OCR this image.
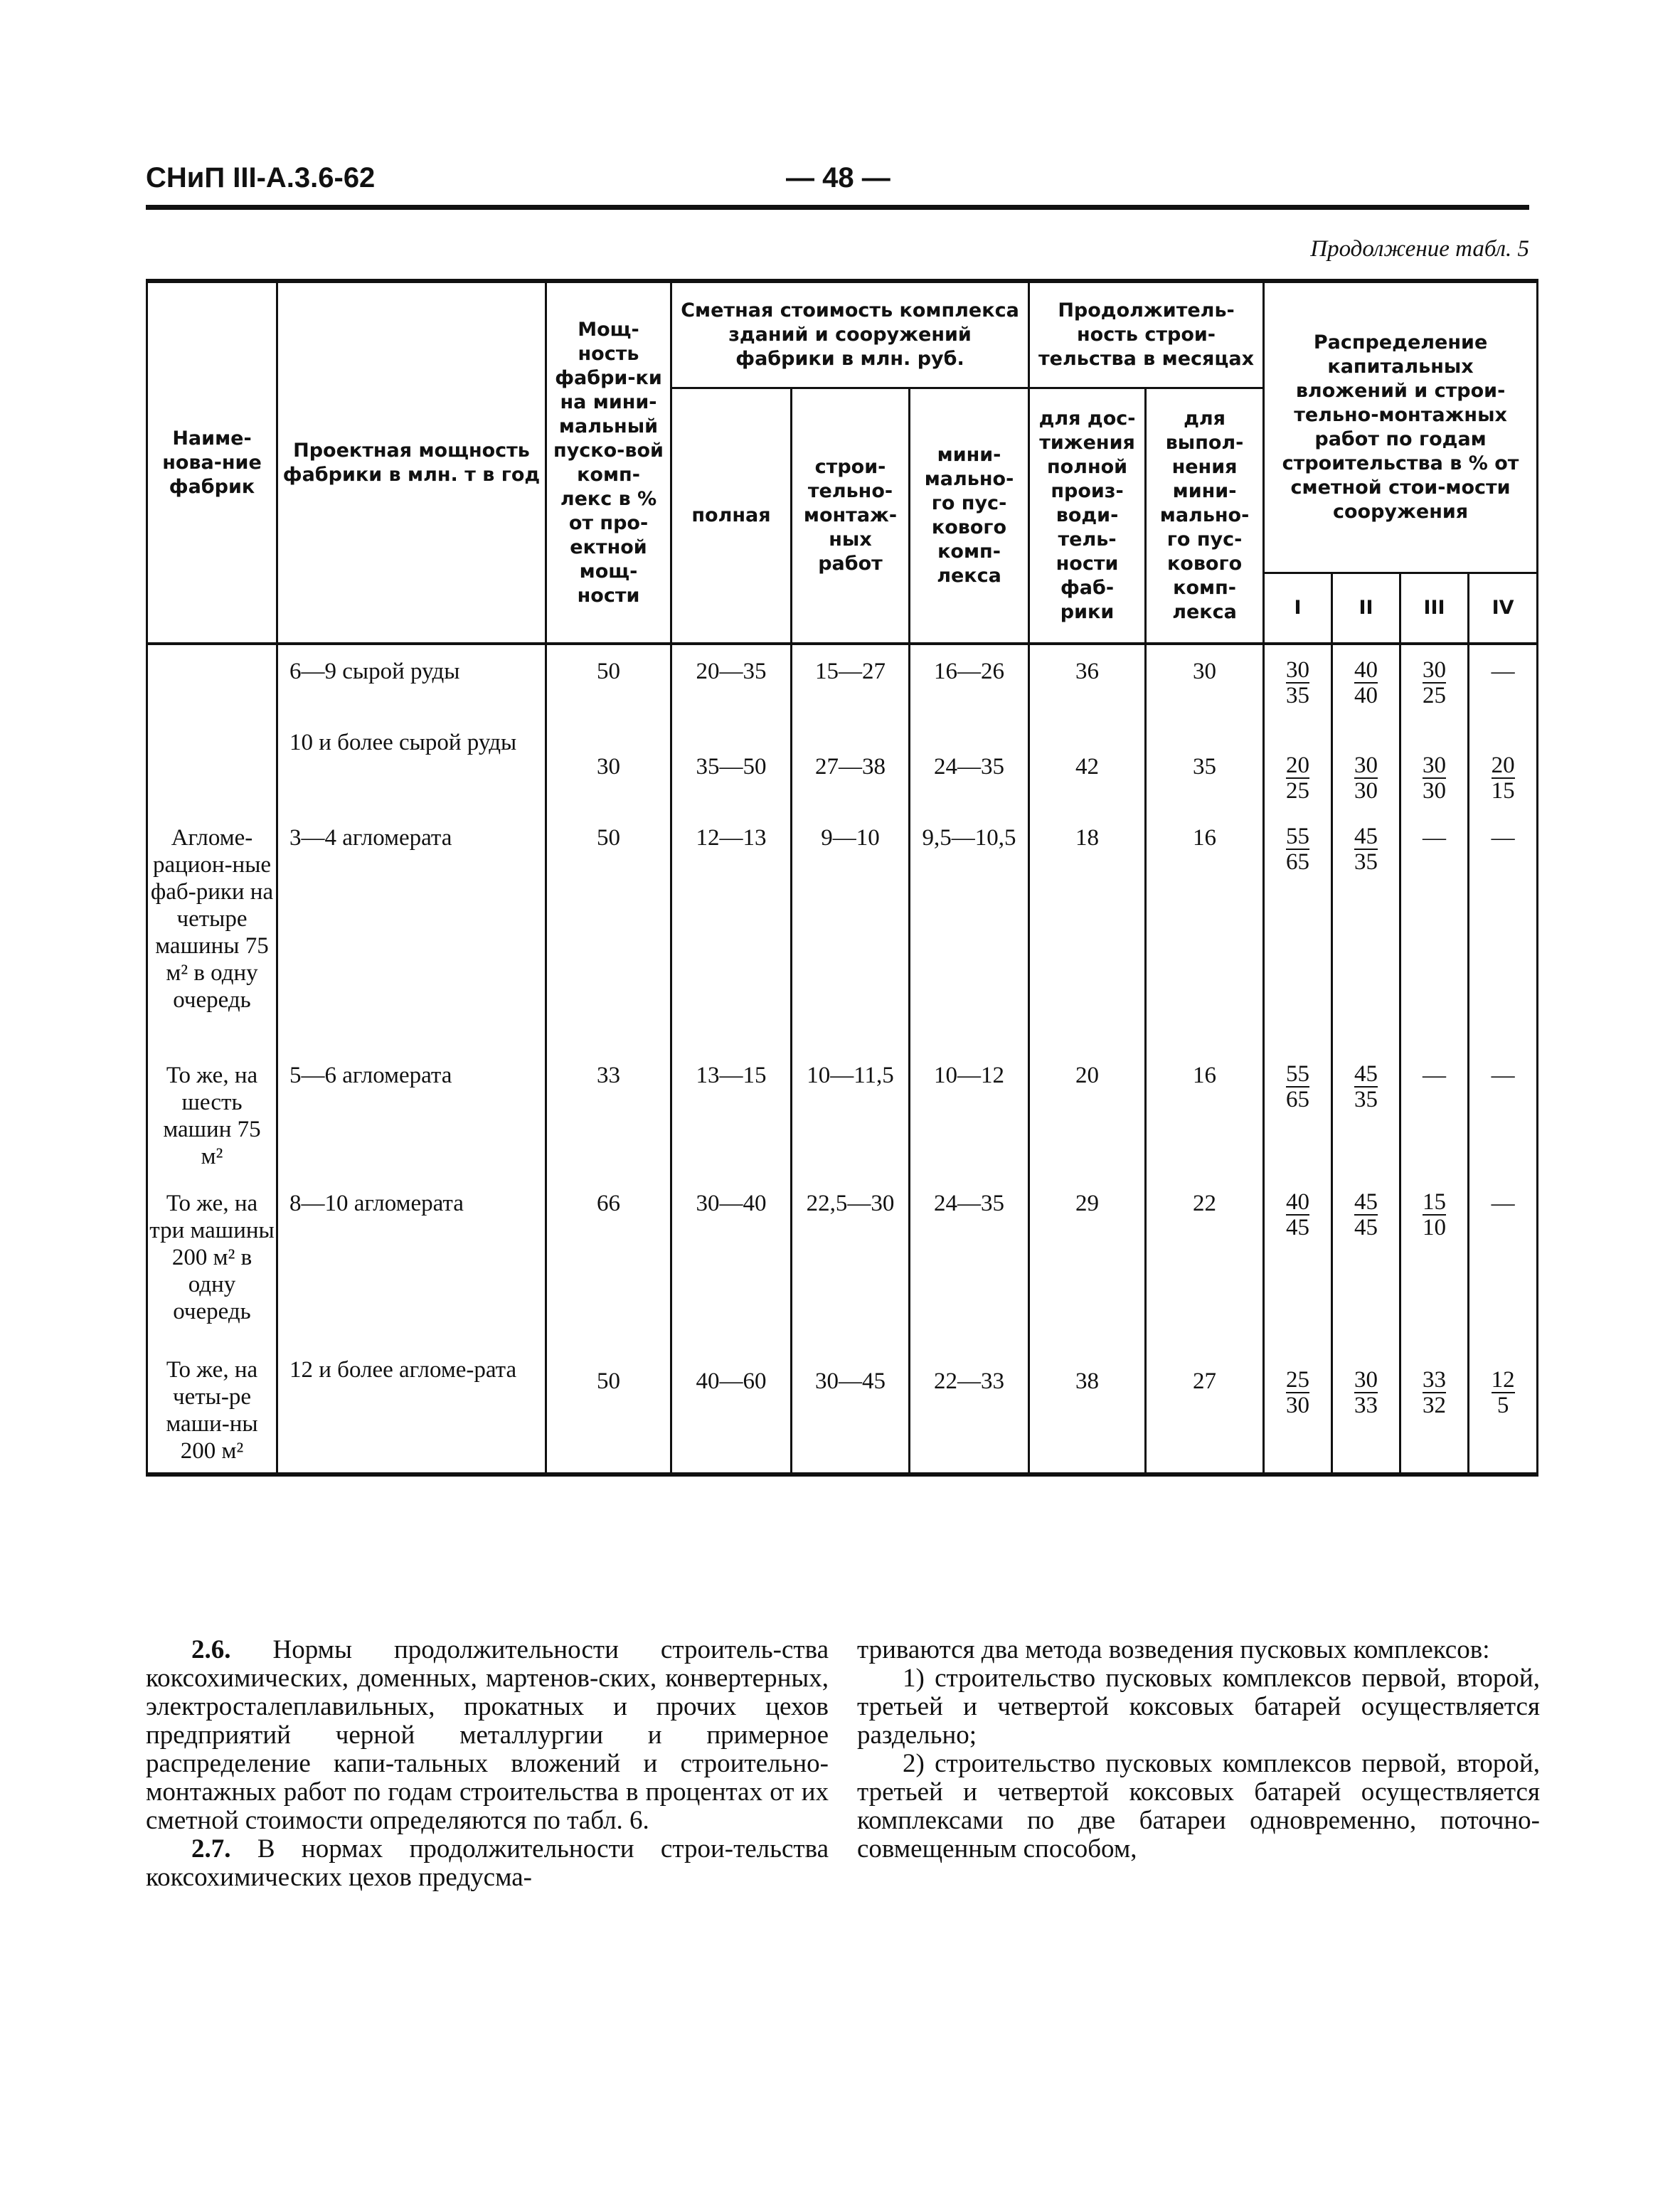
СНиП III-А.3.6-62	— 48 —
Продолжение табл. 5
Наиме-нова-ние фабрик	Проектная мощность фабрики в млн. т в год	Мощ-ность фабри-ки на мини-мальный пуско-вой комп-лекс в % от про-ектной мощ-ности	Сметная стоимость комплекса зданий и сооружений фабрики в млн. руб.			Продолжитель-ность строи-тельства в месяцах		Распределение капитальных вложений и строи-тельно-монтажных работ по годам строительства в % от сметной стои-мости сооружения			
			полная	строи-тельно-монтаж-ных работ	мини-мально-го пус-кового комп-лекса	для дос-тижения полной произ-води-тель-ности фаб-рики	для выпол-нения мини-мально-го пус-кового комп-лекса				
								I	II	III	IV
	6—9 сырой руды	50	20—35	15—27	16—26	36	30	$\frac{30}{35}$	$\frac{40}{40}$	$\frac{30}{25}$	—
	10 и более сырой руды	30	35—50	27—38	24—35	42	35	$\frac{20}{25}$	$\frac{30}{30}$	$\frac{30}{30}$	$\frac{20}{15}$

Агломе-рацион-ные фаб-рики на четыре машины 75 м² в одну очередь	3—4 агломерата	50	12—13	9—10	9,5—10,5	18	16	$\frac{55}{65}$	$\frac{45}{35}$	—	—
То же, на шесть машин 75 м²	5—6 агломерата	33	13—15	10—11,5	10—12	20	16	$\frac{55}{65}$	$\frac{45}{35}$	—	—
То же, на три машины 200 м² в одну очередь	8—10 агломерата	66	30—40	22,5—30	24—35	29	22	$\frac{40}{45}$	$\frac{45}{45}$	$\frac{15}{10}$	—
То же, на четы-ре маши-ны 200 м²	12 и более агломе-рата	50	40—60	30—45	22—33	38	27	$\frac{25}{30}$	$\frac{30}{33}$	$\frac{33}{32}$	$\frac{12}{5}$

2.6. Нормы продолжительности строитель-ства коксохимических, доменных, мартенов-ских, конвертерных, электросталеплавильных, прокатных и прочих цехов предприятий черной металлургии и примерное распределение капи-тальных вложений и строительно-монтажных работ по годам строительства в процентах от их сметной стоимости определяются по табл. 6.

2.7. В нормах продолжительности строи-тельства коксохимических цехов предусма-

триваются два метода возведения пусковых комплексов:

1) строительство пусковых комплексов первой, второй, третьей и четвертой коксовых батарей осуществляется раздельно;

2) строительство пусковых комплексов первой, второй, третьей и четвертой коксовых батарей осуществляется комплексами по две батареи одновременно, поточно-совмещенным способом,
